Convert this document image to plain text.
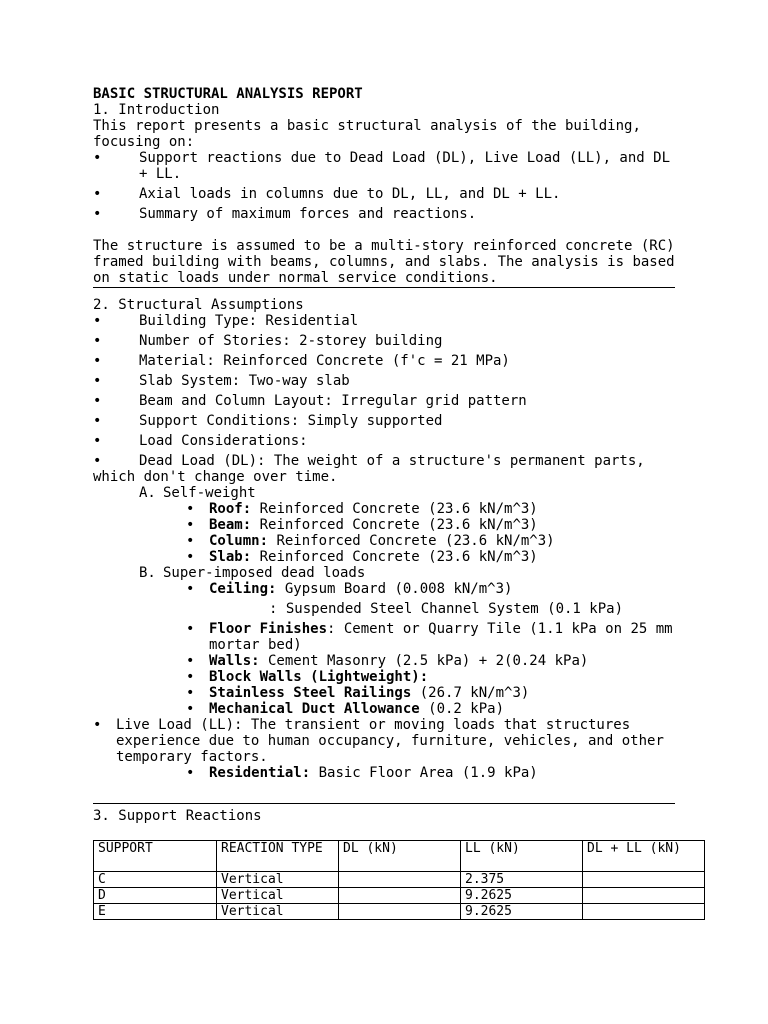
BASIC STRUCTURAL ANALYSIS REPORT
1. Introduction
This report presents a basic structural analysis of the building, focusing on:
•	Support reactions due to Dead Load (DL), Live Load (LL), and DL + LL.
•	Axial loads in columns due to DL, LL, and DL + LL.
•	Summary of maximum forces and reactions.
The structure is assumed to be a multi-story reinforced concrete (RC) framed building with beams, columns, and slabs. The analysis is based on static loads under normal service conditions.
2. Structural Assumptions
•	Building Type: Residential
•	Number of Stories: 2-storey building
•	Material: Reinforced Concrete (f'c = 21 MPa)
•	Slab System: Two-way slab
•	Beam and Column Layout: Irregular grid pattern
•	Support Conditions: Simply supported
•	Load Considerations:
•	Dead Load (DL): The weight of a structure's permanent parts, which don't change over time.
A. Self-weight
•	Roof: Reinforced Concrete (23.6 kN/m^3)
•	Beam: Reinforced Concrete (23.6 kN/m^3)
•	Column: Reinforced Concrete (23.6 kN/m^3)
•	Slab: Reinforced Concrete (23.6 kN/m^3)
B. Super-imposed dead loads
•	Ceiling: Gypsum Board (0.008 kN/m^3)
: Suspended Steel Channel System (0.1 kPa)
•	Floor Finishes: Cement or Quarry Tile (1.1 kPa on 25 mm mortar bed)
•	Walls: Cement Masonry (2.5 kPa) + 2(0.24 kPa)
•	Block Walls (Lightweight):
•	Stainless Steel Railings (26.7 kN/m^3)
•	Mechanical Duct Allowance (0.2 kPa)
•	Live Load (LL): The transient or moving loads that structures experience due to human occupancy, furniture, vehicles, and other temporary factors.
•	Residential: Basic Floor Area (1.9 kPa)
3. Support Reactions
SUPPORT	REACTION TYPE	DL (kN)	LL (kN)	DL + LL (kN)
C	Vertical		2.375	
D	Vertical		9.2625	
E	Vertical		9.2625	
